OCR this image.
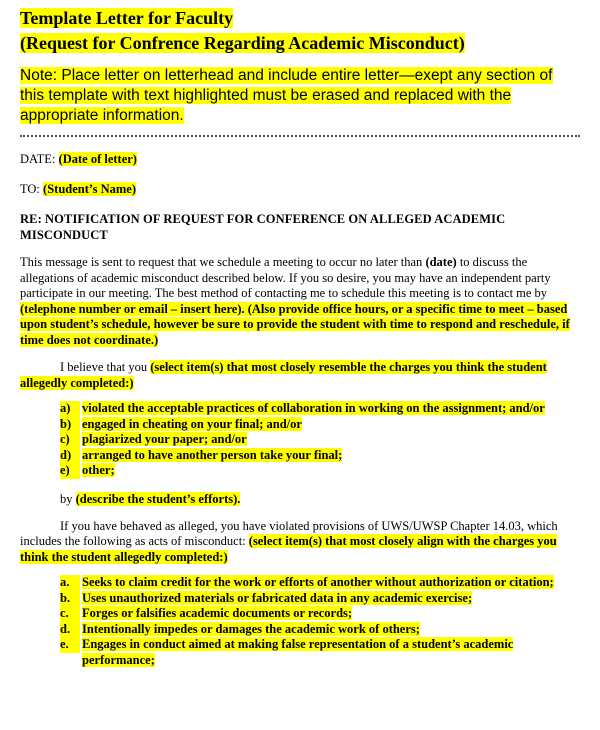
Template Letter for Faculty
(Request for Confrence Regarding Academic Misconduct)

Note: Place letter on letterhead and include entire letter—exept any section of this template with text highlighted must be erased and replaced with the appropriate information.

DATE: (Date of letter)

TO: (Student’s Name)

RE: NOTIFICATION OF REQUEST FOR CONFERENCE ON ALLEGED ACADEMIC MISCONDUCT

This message is sent to request that we schedule a meeting to occur no later than (date) to discuss the allegations of academic misconduct described below. If you so desire, you may have an independent party participate in our meeting. The best method of contacting me to schedule this meeting is to contact me by (telephone number or email – insert here). (Also provide office hours, or a specific time to meet – based upon student’s schedule, however be sure to provide the student with time to respond and reschedule, if time does not coordinate.)

I believe that you (select item(s) that most closely resemble the charges you think the student allegedly completed:)

a) violated the acceptable practices of collaboration in working on the assignment; and/or
b) engaged in cheating on your final; and/or
c) plagiarized your paper; and/or
d) arranged to have another person take your final;
e) other;

by (describe the student’s efforts).

If you have behaved as alleged, you have violated provisions of UWS/UWSP Chapter 14.03, which includes the following as acts of misconduct: (select item(s) that most closely align with the charges you think the student allegedly completed:)

a.	Seeks to claim credit for the work or efforts of another without authorization or citation;
b. Uses unauthorized materials or fabricated data in any academic exercise;
c.	Forges or falsifies academic documents or records;
d. Intentionally impedes or damages the academic work of others;
e.	Engages in conduct aimed at making false representation of a student’s academic performance;
